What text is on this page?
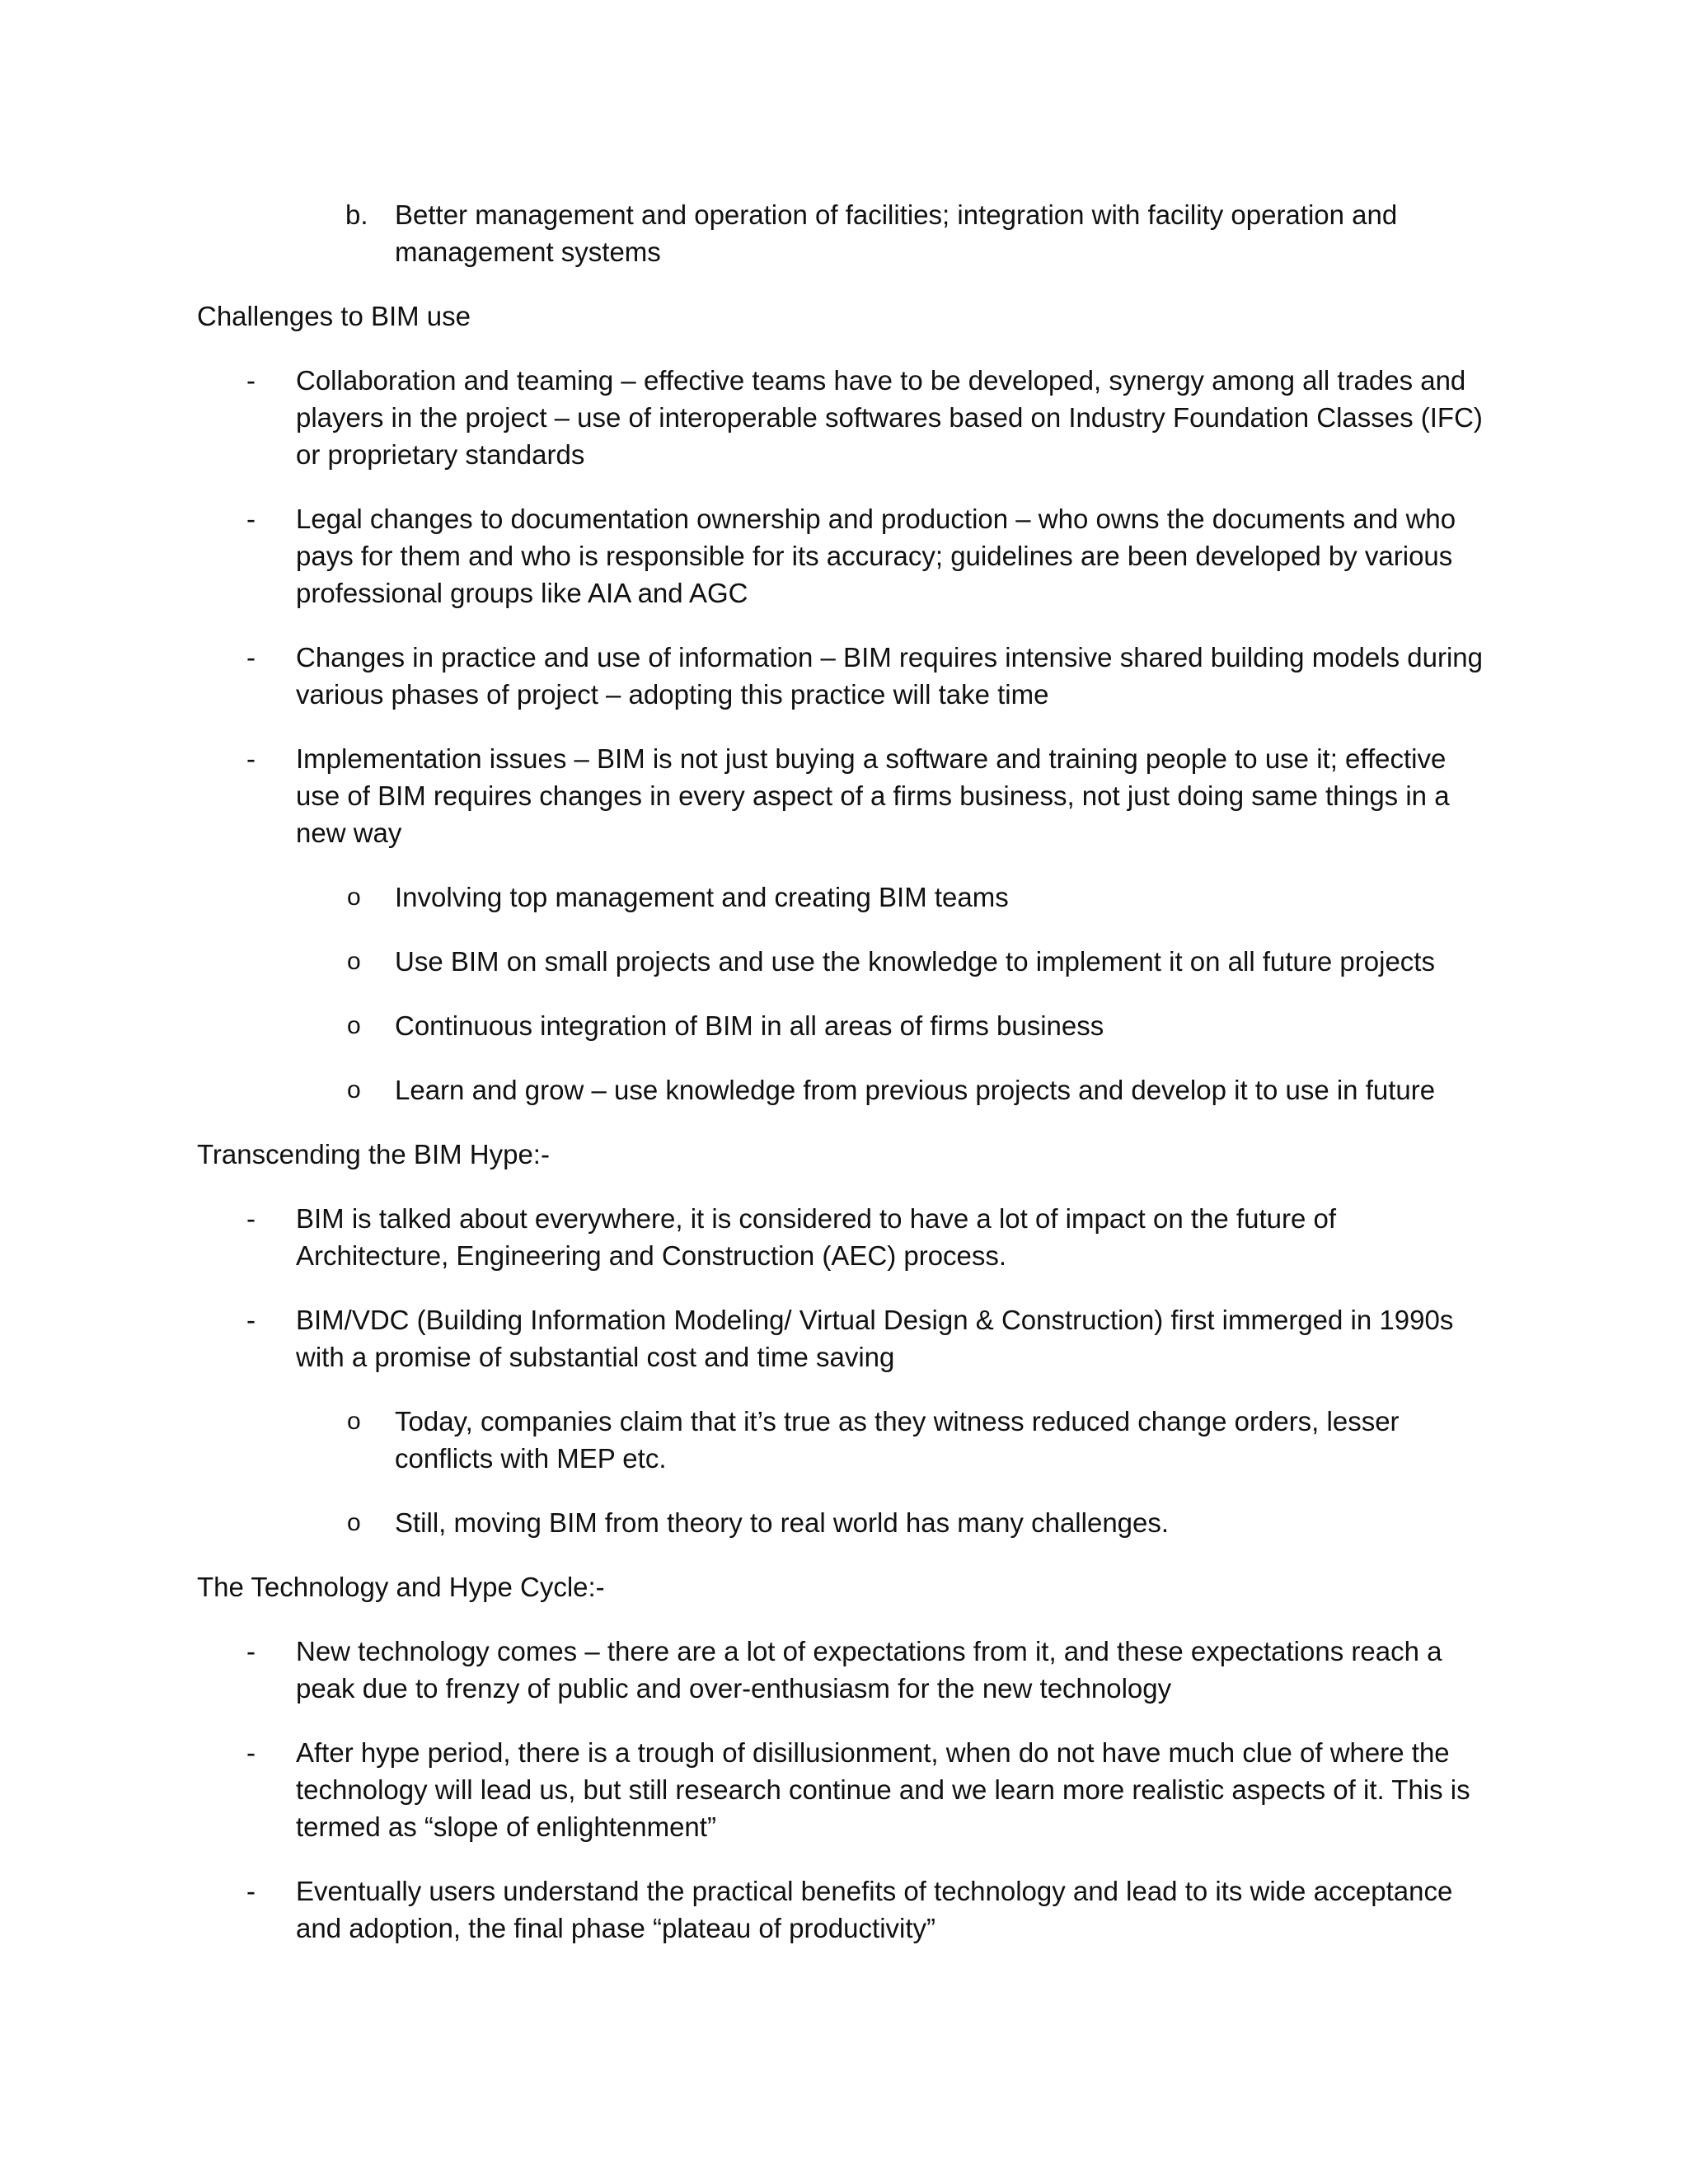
b. Better management and operation of facilities; integration with facility operation and management systems
Challenges to BIM use
- Collaboration and teaming – effective teams have to be developed, synergy among all trades and players in the project – use of interoperable softwares based on Industry Foundation Classes (IFC) or proprietary standards
- Legal changes to documentation ownership and production – who owns the documents and who pays for them and who is responsible for its accuracy; guidelines are been developed by various professional groups like AIA and AGC
- Changes in practice and use of information – BIM requires intensive shared building models during various phases of project – adopting this practice will take time
- Implementation issues – BIM is not just buying a software and training people to use it; effective use of BIM requires changes in every aspect of a firms business, not just doing same things in a new way
o Involving top management and creating BIM teams
o Use BIM on small projects and use the knowledge to implement it on all future projects
o Continuous integration of BIM in all areas of firms business
o Learn and grow – use knowledge from previous projects and develop it to use in future
Transcending the BIM Hype:-
- BIM is talked about everywhere, it is considered to have a lot of impact on the future of Architecture, Engineering and Construction (AEC) process.
- BIM/VDC (Building Information Modeling/ Virtual Design & Construction) first immerged in 1990s with a promise of substantial cost and time saving
o Today, companies claim that it’s true as they witness reduced change orders, lesser conflicts with MEP etc.
o Still, moving BIM from theory to real world has many challenges.
The Technology and Hype Cycle:-
- New technology comes – there are a lot of expectations from it, and these expectations reach a peak due to frenzy of public and over-enthusiasm for the new technology
- After hype period, there is a trough of disillusionment, when do not have much clue of where the technology will lead us, but still research continue and we learn more realistic aspects of it. This is termed as “slope of enlightenment”
- Eventually users understand the practical benefits of technology and lead to its wide acceptance and adoption, the final phase “plateau of productivity”
